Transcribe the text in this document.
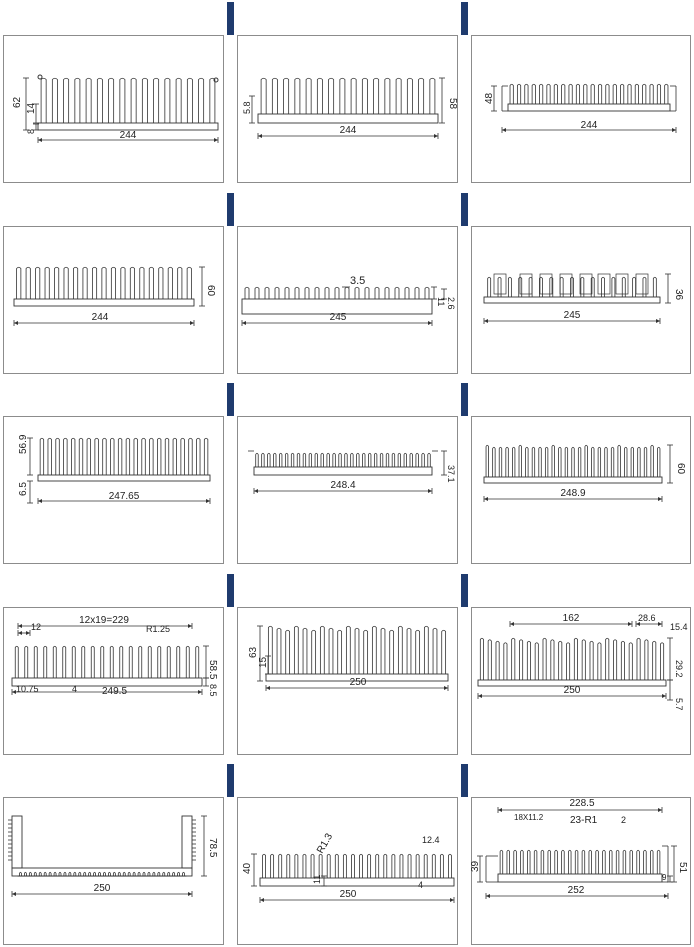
TK-10936
62
14
8	244
TK-10937
5.8	58
244
TK-10938
48
244
TK-10939
60
244
TK-10940
3.5
11 2.6
245
TK-10941
36
245
TK-10942
56.9
6.5
247.65
TK-10943
37.1
248.4
TK-10944
60
248.9
TK-10945
12x19=229
12	R1.25
58.5
10.75	4 249.5	8.5
TK-10946
63
15
250
TK-10947
162	28.6
15.4
29.2
250
5.7
TK-10948
78.5
250
TK-10949
R1.3	12.4
40
11
4
250
TK-10950
228.5
18X11.2	23-R1	2
39	51
9
252
